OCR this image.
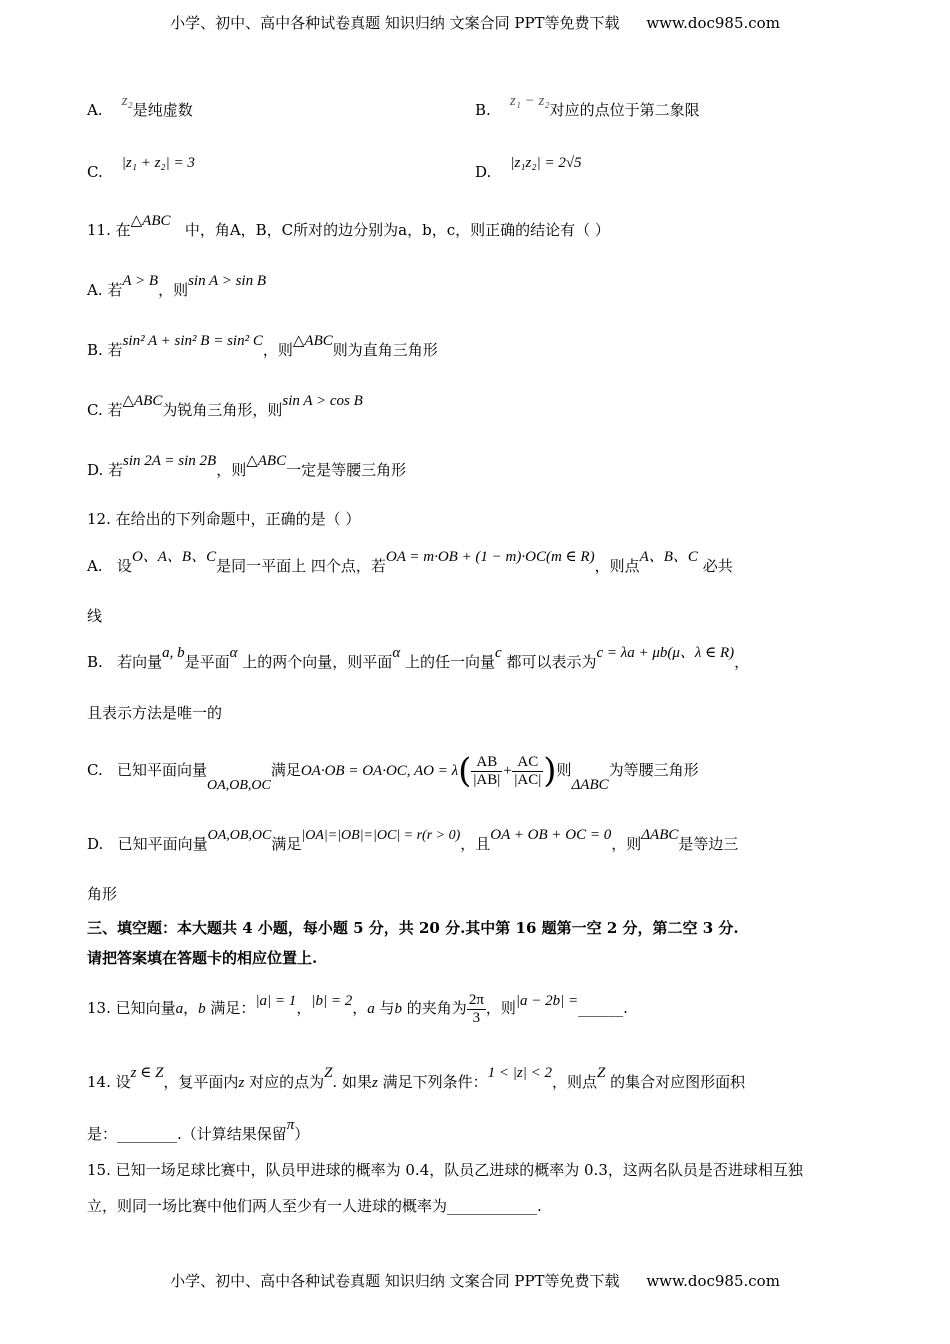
小学、初中、高中各种试卷真题 知识归纳 文案合同 PPT等免费下载 www.doc985.com
A. z₂是纯虚数	B. z₁ − z₂对应的点位于第二象限
C. |z₁ + z₂| = 3	D. |z₁z₂| = 2√5
11. 在△ABC 中，角A，B，C所对的边分别为a，b，c，则正确的结论有（ ）
A. 若A > B，则sin A > sin B
B. 若sin² A + sin² B = sin² C，则△ABC则为直角三角形
C. 若△ABC为锐角三角形，则sin A > cos B
D. 若sin 2A = sin 2B，则△ABC一定是等腰三角形
12. 在给出的下列命题中，正确的是（ ）
A. 设O、A、B、C是同一平面上 四个点，若OA = m·OB + (1 − m)·OC(m ∈ R)，则点A、B、C 必共
线
B. 若向量a, b是平面α 上的两个向量，则平面α 上的任一向量c 都可以表示为c = λa + μb(μ、λ ∈ R)，
且表示方法是唯一的
C. 已知平面向量OA,OB,OC满足OA·OB = OA·OC, AO = $\lambda( \frac{AB}{|AB|} + \frac{AC}{|AC|}$ )则ΔABC为等腰三角形
D. 已知平面向量OA,OB,OC满足|OA|=|OB|=|OC| = r(r > 0)，且OA + OB + OC = 0，则ΔABC是等边三
角形
三、填空题：本大题共 4 小题，每小题 5 分，共 20 分.其中第 16 题第一空 2 分，第二空 3 分.
请把答案填在答题卡的相应位置上.
13. 已知向量a，b 满足：|a| = 1，|b| = 2，a 与b 的夹角为 $\frac{2\pi}{3}$ ，则|a − 2b| =______.
14. 设z ∈ Z，复平面内z 对应的点为Z. 如果z 满足下列条件：1 < |z| < 2，则点Z 的集合对应图形面积
是：________.（计算结果保留π）
15. 已知一场足球比赛中，队员甲进球的概率为 0.4，队员乙进球的概率为 0.3，这两名队员是否进球相互独
立，则同一场比赛中他们两人至少有一人进球的概率为____________.
小学、初中、高中各种试卷真题 知识归纳 文案合同 PPT等免费下载 www.doc985.com
